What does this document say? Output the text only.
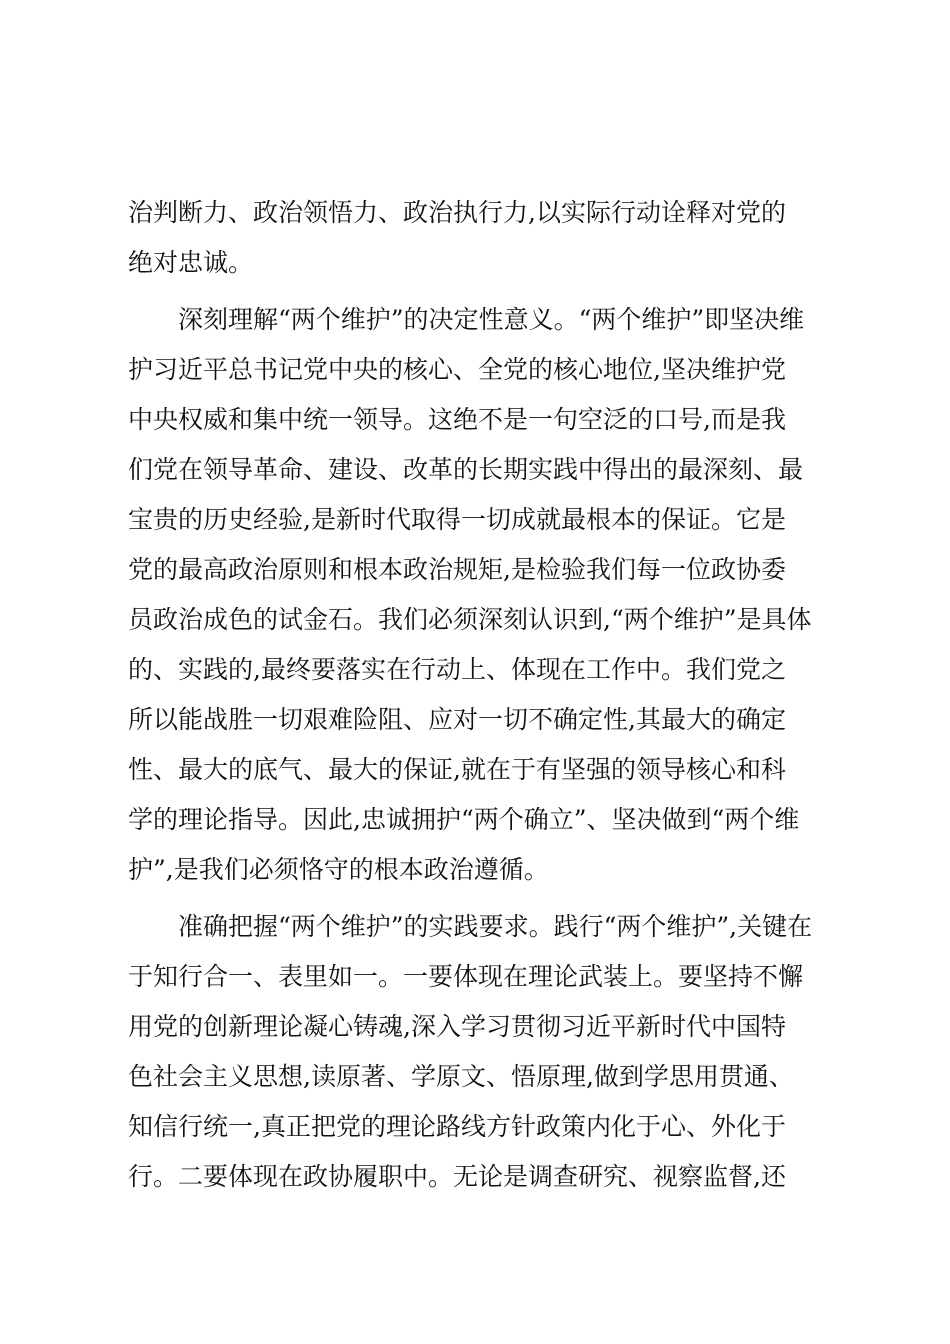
治判断力、政治领悟力、政治执行力,以实际行动诠释对党的
绝对忠诚。
深刻理解“两个维护”的决定性意义。“两个维护”即坚决维
护习近平总书记党中央的核心、全党的核心地位,坚决维护党
中央权威和集中统一领导。这绝不是一句空泛的口号,而是我
们党在领导革命、建设、改革的长期实践中得出的最深刻、最
宝贵的历史经验,是新时代取得一切成就最根本的保证。它是
党的最高政治原则和根本政治规矩,是检验我们每一位政协委
员政治成色的试金石。我们必须深刻认识到,“两个维护”是具体
的、实践的,最终要落实在行动上、体现在工作中。我们党之
所以能战胜一切艰难险阻、应对一切不确定性,其最大的确定
性、最大的底气、最大的保证,就在于有坚强的领导核心和科
学的理论指导。因此,忠诚拥护“两个确立”、坚决做到“两个维
护”,是我们必须恪守的根本政治遵循。
准确把握“两个维护”的实践要求。践行“两个维护”,关键在
于知行合一、表里如一。一要体现在理论武装上。要坚持不懈
用党的创新理论凝心铸魂,深入学习贯彻习近平新时代中国特
色社会主义思想,读原著、学原文、悟原理,做到学思用贯通、
知信行统一,真正把党的理论路线方针政策内化于心、外化于
行。二要体现在政协履职中。无论是调查研究、视察监督,还
